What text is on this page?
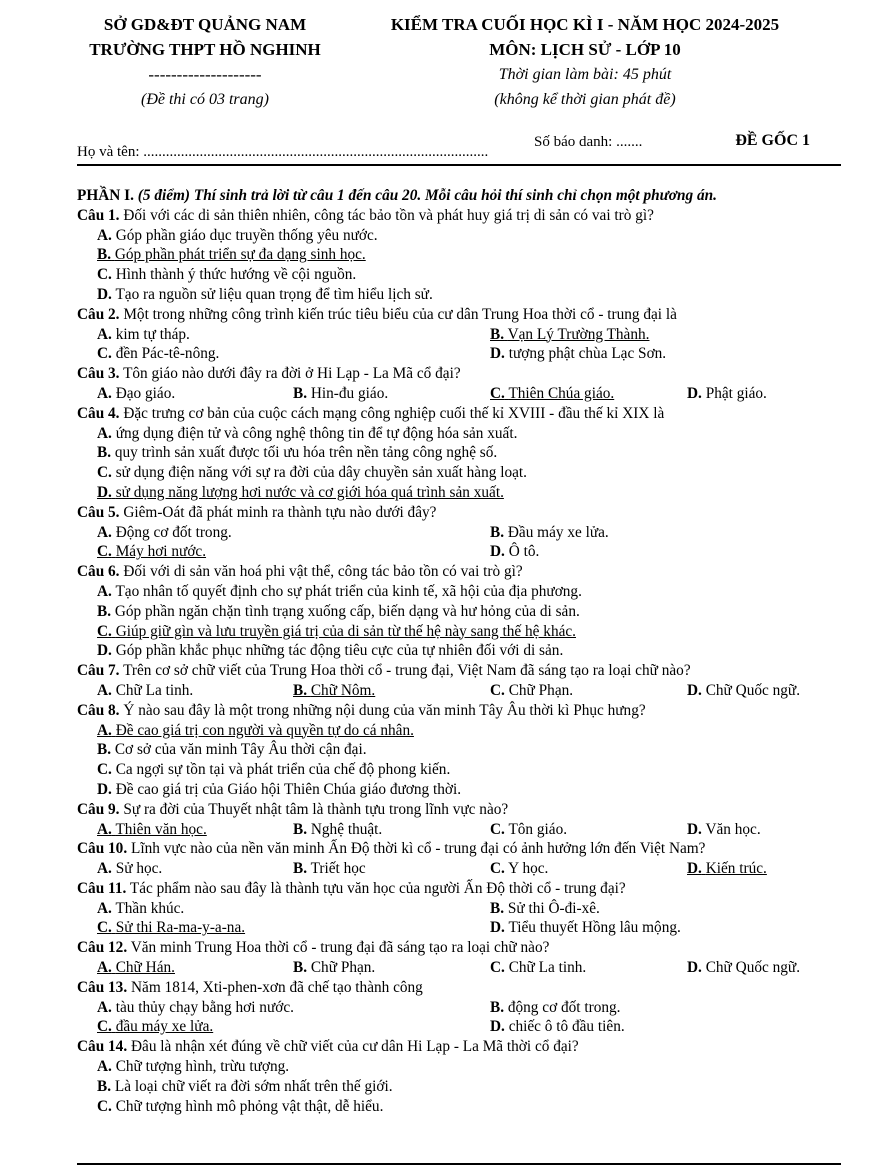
SỞ GD&ĐT QUẢNG NAM
TRƯỜNG THPT HỒ NGHINH
--------------------
(Đề thi có 03 trang)
KIỂM TRA CUỐI HỌC KÌ I - NĂM HỌC 2024-2025
MÔN: LỊCH SỬ - LỚP 10
Thời gian làm bài: 45 phút
(không kể thời gian phát đề)
Họ và tên: ............................................................................................
Số báo danh: .......	ĐỀ GỐC 1
PHẦN I. (5 điểm) Thí sinh trả lời từ câu 1 đến câu 20. Mỗi câu hỏi thí sinh chỉ chọn một phương án.
Câu 1. Đối với các di sản thiên nhiên, công tác bảo tồn và phát huy giá trị di sản có vai trò gì?
A. Góp phần giáo dục truyền thống yêu nước.
B. Góp phần phát triển sự đa dạng sinh học.
C. Hình thành ý thức hướng về cội nguồn.
D. Tạo ra nguồn sử liệu quan trọng để tìm hiểu lịch sử.
Câu 2. Một trong những công trình kiến trúc tiêu biểu của cư dân Trung Hoa thời cổ - trung đại là
A. kim tự tháp.	B. Vạn Lý Trường Thành.
C. đền Pác-tê-nông.	D. tượng phật chùa Lạc Sơn.
Câu 3. Tôn giáo nào dưới đây ra đời ở Hi Lạp - La Mã cổ đại?
A. Đạo giáo.	B. Hin-đu giáo.	C. Thiên Chúa giáo.	D. Phật giáo.
Câu 4. Đặc trưng cơ bản của cuộc cách mạng công nghiệp cuối thế kỉ XVIII - đầu thế kỉ XIX là
A. ứng dụng điện tử và công nghệ thông tin để tự động hóa sản xuất.
B. quy trình sản xuất được tối ưu hóa trên nền tảng công nghệ số.
C. sử dụng điện năng với sự ra đời của dây chuyền sản xuất hàng loạt.
D. sử dụng năng lượng hơi nước và cơ giới hóa quá trình sản xuất.
Câu 5. Giêm-Oát đã phát minh ra thành tựu nào dưới đây?
A. Động cơ đốt trong.	B. Đầu máy xe lửa.
C. Máy hơi nước.	D. Ô tô.
Câu 6. Đối với di sản văn hoá phi vật thể, công tác bảo tồn có vai trò gì?
A. Tạo nhân tố quyết định cho sự phát triển của kinh tế, xã hội của địa phương.
B. Góp phần ngăn chặn tình trạng xuống cấp, biến dạng và hư hỏng của di sản.
C. Giúp giữ gìn và lưu truyền giá trị của di sản từ thế hệ này sang thế hệ khác.
D. Góp phần khắc phục những tác động tiêu cực của tự nhiên đối với di sản.
Câu 7. Trên cơ sở chữ viết của Trung Hoa thời cổ - trung đại, Việt Nam đã sáng tạo ra loại chữ nào?
A. Chữ La tinh.	B. Chữ Nôm.	C. Chữ Phạn.	D. Chữ Quốc ngữ.
Câu 8. Ý nào sau đây là một trong những nội dung của văn minh Tây Âu thời kì Phục hưng?
A. Đề cao giá trị con người và quyền tự do cá nhân.
B. Cơ sở của văn minh Tây Âu thời cận đại.
C. Ca ngợi sự tồn tại và phát triển của chế độ phong kiến.
D. Đề cao giá trị của Giáo hội Thiên Chúa giáo đương thời.
Câu 9. Sự ra đời của Thuyết nhật tâm là thành tựu trong lĩnh vực nào?
A. Thiên văn học.	B. Nghệ thuật.	C. Tôn giáo.	D. Văn học.
Câu 10. Lĩnh vực nào của nền văn minh Ấn Độ thời kì cổ - trung đại có ảnh hưởng lớn đến Việt Nam?
A. Sử học.	B. Triết học	C. Y học.	D. Kiến trúc.
Câu 11. Tác phẩm nào sau đây là thành tựu văn học của người Ấn Độ thời cổ - trung đại?
A. Thần khúc.	B. Sử thi Ô-đi-xê.
C. Sử thi Ra-ma-y-a-na.	D. Tiểu thuyết Hồng lâu mộng.
Câu 12. Văn minh Trung Hoa thời cổ - trung đại đã sáng tạo ra loại chữ nào?
A. Chữ Hán.	B. Chữ Phạn.	C. Chữ La tinh.	D. Chữ Quốc ngữ.
Câu 13. Năm 1814, Xti-phen-xơn đã chế tạo thành công
A. tàu thủy chạy bằng hơi nước.	B. động cơ đốt trong.
C. đầu máy xe lửa.	D. chiếc ô tô đầu tiên.
Câu 14. Đâu là nhận xét đúng về chữ viết của cư dân Hi Lạp - La Mã thời cổ đại?
A. Chữ tượng hình, trừu tượng.
B. Là loại chữ viết ra đời sớm nhất trên thế giới.
C. Chữ tượng hình mô phỏng vật thật, dễ hiểu.
